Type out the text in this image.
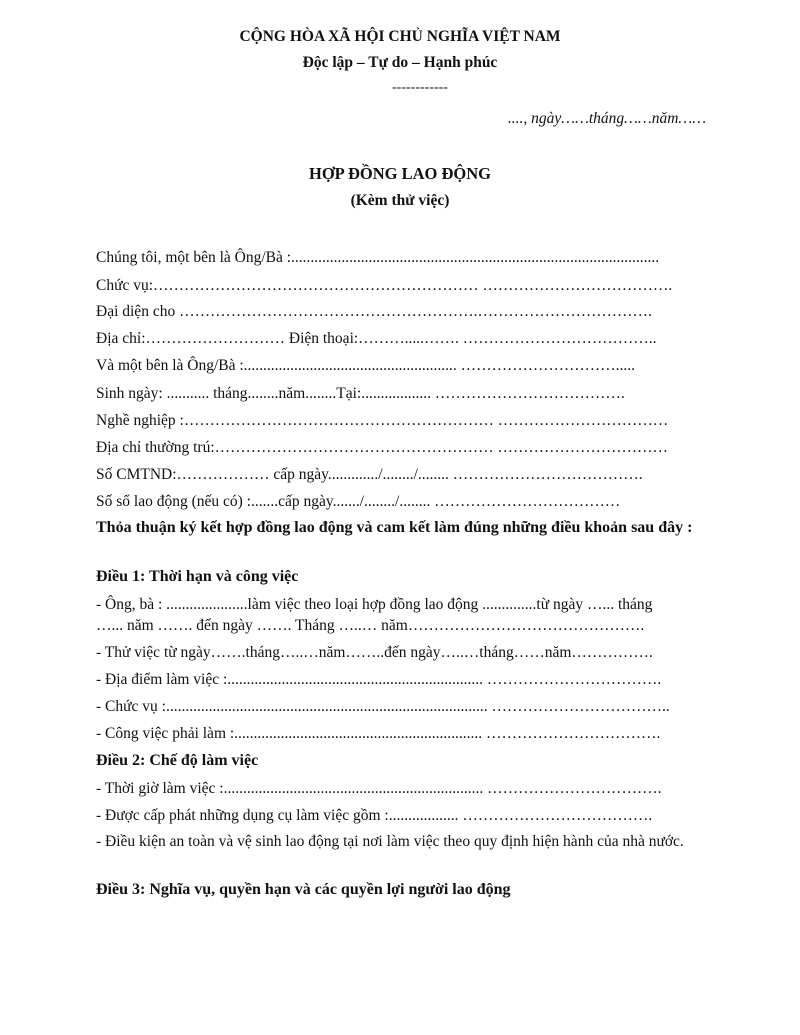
CỘNG HÒA XÃ HỘI CHỦ NGHĨA VIỆT NAM
Độc lập – Tự do – Hạnh phúc
------------
...., ngày……tháng……năm……
HỢP ĐỒNG LAO ĐỘNG
(Kèm thử việc)
Chúng tôi, một bên là Ông/Bà :...............................................................................................
Chức vụ:……………………………………………………… ……………………………….
Đại diện cho ………………………………………………….…………………………….
Địa chỉ:……………………… Điện thoại:……….....……. ………………………………..
Và một bên là Ông/Bà :....................................................... ………………………….....
Sinh ngày: ........... tháng........năm........Tại:.................. ……………………………….
Nghề nghiệp :…………………………………………………… ……………………………
Địa chỉ thường trú:……………………………………………… ……………………………
Số CMTND:……………… cấp ngày............./......../........ ……………………………….
Số sổ lao động (nếu có) :.......cấp ngày......./......../........ ………………………………
Thỏa thuận ký kết hợp đồng lao động và cam kết làm đúng những điều khoản sau đây :
Điều 1: Thời hạn và công việc
- Ông, bà : .....................làm việc theo loại hợp đồng lao động ..............từ ngày …... tháng
…... năm ……. đến ngày ……. Tháng …..… năm……………………………………….
- Thử việc từ ngày…….tháng…..…năm……..đến ngày…..…tháng……năm…………….
- Địa điểm làm việc :.................................................................. …………………………….
- Chức vụ :................................................................................... ……………………………..
- Công việc phải làm :................................................................ …………………………….
Điều 2: Chế độ làm việc
- Thời giờ làm việc :................................................................... …………………………….
- Được cấp phát những dụng cụ làm việc gồm :.................. ……………………………….
- Điều kiện an toàn và vệ sinh lao động tại nơi làm việc theo quy định hiện hành của nhà nước.
Điều 3: Nghĩa vụ, quyền hạn và các quyền lợi người lao động
